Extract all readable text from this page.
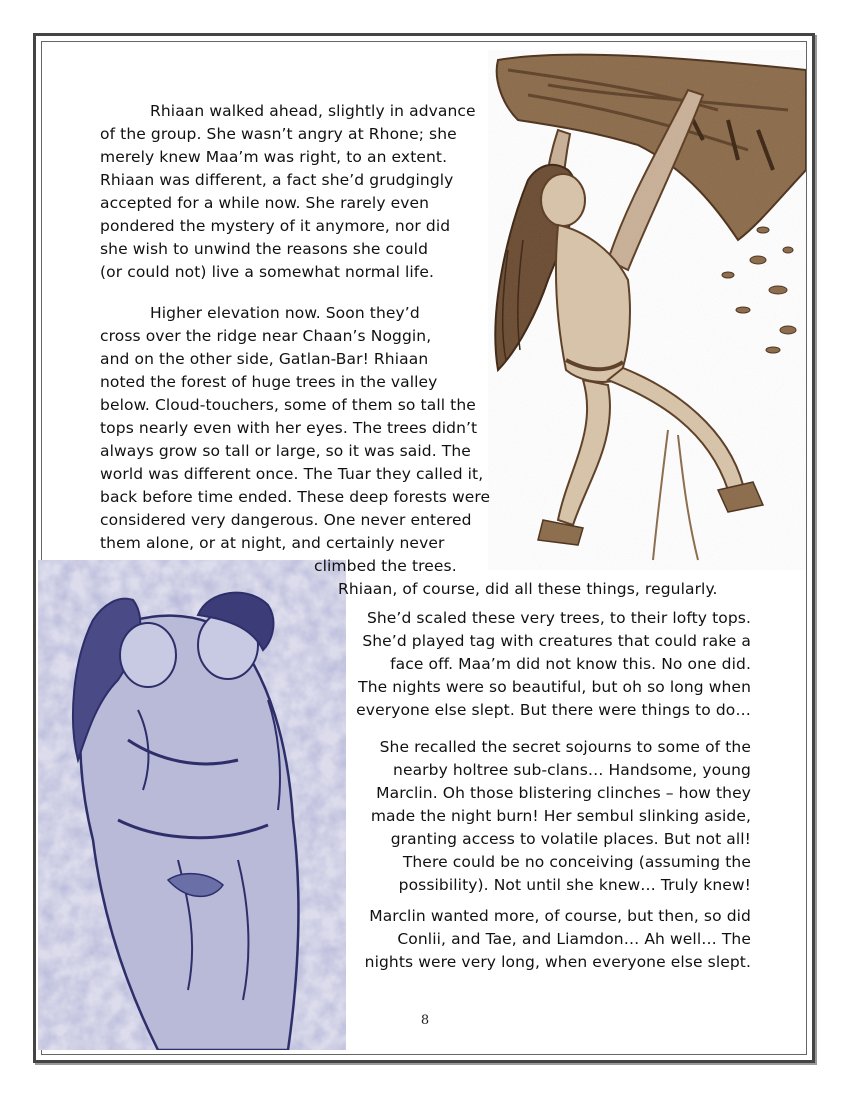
Rhiaan walked ahead, slightly in advance
of the group. She wasn’t angry at Rhone; she
merely knew Maa’m was right, to an extent.
Rhiaan was different, a fact she’d grudgingly
accepted for a while now. She rarely even
pondered the mystery of it anymore, nor did
she wish to unwind the reasons she could
(or could not) live a somewhat normal life.
Higher elevation now. Soon they’d
cross over the ridge near Chaan’s Noggin,
and on the other side, Gatlan-Bar! Rhiaan
noted the forest of huge trees in the valley
below. Cloud-touchers, some of them so tall the
tops nearly even with her eyes. The trees didn’t
always grow so tall or large, so it was said. The
world was different once. The Tuar they called it,
back before time ended. These deep forests were
considered very dangerous. One never entered
them alone, or at night, and certainly never
climbed the trees.
Rhiaan, of course, did all these things, regularly.
She’d scaled these very trees, to their lofty tops.
She’d played tag with creatures that could rake a
face off. Maa’m did not know this. No one did.
The nights were so beautiful, but oh so long when
everyone else slept. But there were things to do…
She recalled the secret sojourns to some of the
nearby holtree sub-clans… Handsome, young
Marclin. Oh those blistering clinches – how they
made the night burn! Her sembul slinking aside,
granting access to volatile places. But not all!
There could be no conceiving (assuming the
possibility). Not until she knew… Truly knew!
Marclin wanted more, of course, but then, so did
Conlii, and Tae, and Liamdon… Ah well… The
nights were very long, when everyone else slept.
8
